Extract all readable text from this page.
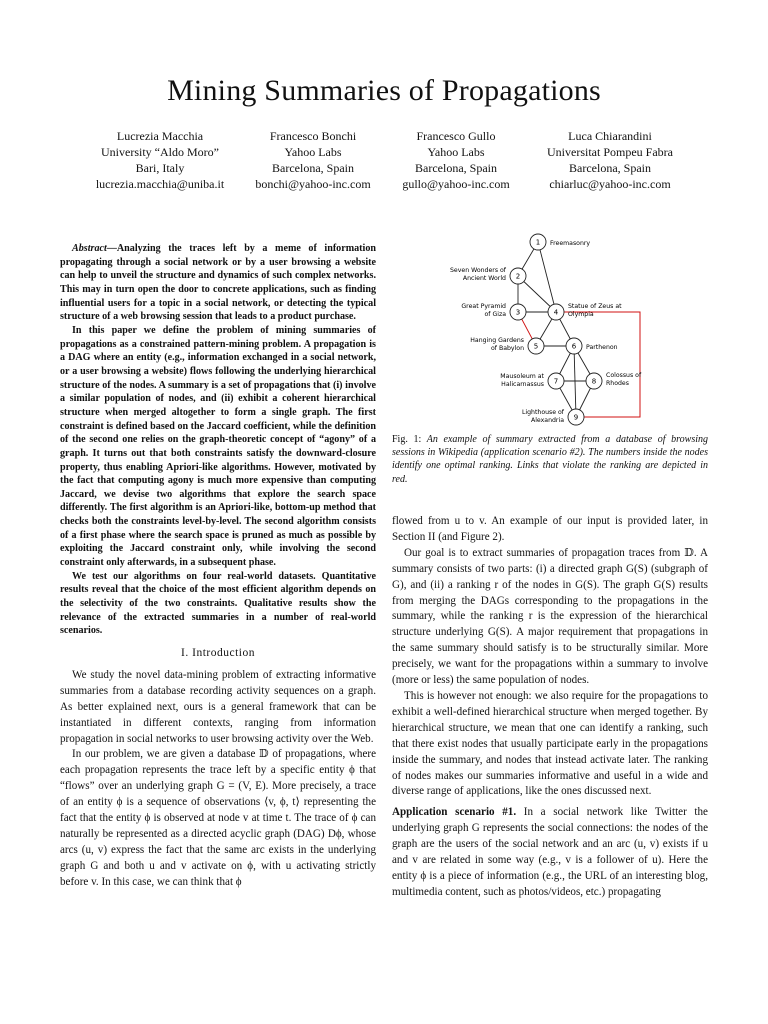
Mining Summaries of Propagations
Lucrezia Macchia
University “Aldo Moro”
Bari, Italy
lucrezia.macchia@uniba.it
Francesco Bonchi
Yahoo Labs
Barcelona, Spain
bonchi@yahoo-inc.com
Francesco Gullo
Yahoo Labs
Barcelona, Spain
gullo@yahoo-inc.com
Luca Chiarandini
Universitat Pompeu Fabra
Barcelona, Spain
chiarluc@yahoo-inc.com

Abstract—Analyzing the traces left by a meme of information propagating through a social network or by a user browsing a website can help to unveil the structure and dynamics of such complex networks. This may in turn open the door to concrete applications, such as finding influential users for a topic in a social network, or detecting the typical structure of a web browsing session that leads to a product purchase.

In this paper we define the problem of mining summaries of propagations as a constrained pattern-mining problem. A propagation is a DAG where an entity (e.g., information exchanged in a social network, or a user browsing a website) flows following the underlying hierarchical structure of the nodes. A summary is a set of propagations that (i) involve a similar population of nodes, and (ii) exhibit a coherent hierarchical structure when merged altogether to form a single graph. The first constraint is defined based on the Jaccard coefficient, while the definition of the second one relies on the graph-theoretic concept of “agony” of a graph. It turns out that both constraints satisfy the downward-closure property, thus enabling Apriori-like algorithms. However, motivated by the fact that computing agony is much more expensive than computing Jaccard, we devise two algorithms that explore the search space differently. The first algorithm is an Apriori-like, bottom-up method that checks both the constraints level-by-level. The second algorithm consists of a first phase where the search space is pruned as much as possible by exploiting the Jaccard constraint only, while involving the second constraint only afterwards, in a subsequent phase.

We test our algorithms on four real-world datasets. Quantitative results reveal that the choice of the most efficient algorithm depends on the selectivity of the two constraints. Qualitative results show the relevance of the extracted summaries in a number of real-world scenarios.

I. Introduction

We study the novel data-mining problem of extracting informative summaries from a database recording activity sequences on a graph. As better explained next, ours is a general framework that can be instantiated in different contexts, ranging from information propagation in social networks to user browsing activity over the Web.

In our problem, we are given a database 𝔻 of propagations, where each propagation represents the trace left by a specific entity ϕ that “flows” over an underlying graph G = (V, E). More precisely, a trace of an entity ϕ is a sequence of observations ⟨v, ϕ, t⟩ representing the fact that the entity ϕ is observed at node v at time t. The trace of ϕ can naturally be represented as a directed acyclic graph (DAG) Dϕ, whose arcs (u, v) express the fact that the same arc exists in the underlying graph G and both u and v activate on ϕ, with u activating strictly before v. In this case, we can think that ϕ

1 Freemasonry
2
Seven Wonders of Ancient World
3
Great Pyramid of Giza	4
Statue of Zeus at Olympia
5
Hanging Gardens of Babylon	6 Parthenon
7
Mausoleum at Halicarnassus	8
Colossus of Rhodes
9
Lighthouse of Alexandria
Fig. 1: An example of summary extracted from a database of browsing sessions in Wikipedia (application scenario #2). The numbers inside the nodes identify one optimal ranking. Links that violate the ranking are depicted in red.

flowed from u to v. An example of our input is provided later, in Section II (and Figure 2).

Our goal is to extract summaries of propagation traces from 𝔻. A summary consists of two parts: (i) a directed graph G(S) (subgraph of G), and (ii) a ranking r of the nodes in G(S). The graph G(S) results from merging the DAGs corresponding to the propagations in the summary, while the ranking r is the expression of the hierarchical structure underlying G(S). A major requirement that propagations in the same summary should satisfy is to be structurally similar. More precisely, we want for the propagations within a summary to involve (more or less) the same population of nodes.

This is however not enough: we also require for the propagations to exhibit a well-defined hierarchical structure when merged together. By hierarchical structure, we mean that one can identify a ranking, such that there exist nodes that usually participate early in the propagations inside the summary, and nodes that instead activate later. The ranking of nodes makes our summaries informative and useful in a wide and diverse range of applications, like the ones discussed next.

Application scenario #1. In a social network like Twitter the underlying graph G represents the social connections: the nodes of the graph are the users of the social network and an arc (u, v) exists if u and v are related in some way (e.g., v is a follower of u). Here the entity ϕ is a piece of information (e.g., the URL of an interesting blog, multimedia content, such as photos/videos, etc.) propagating
